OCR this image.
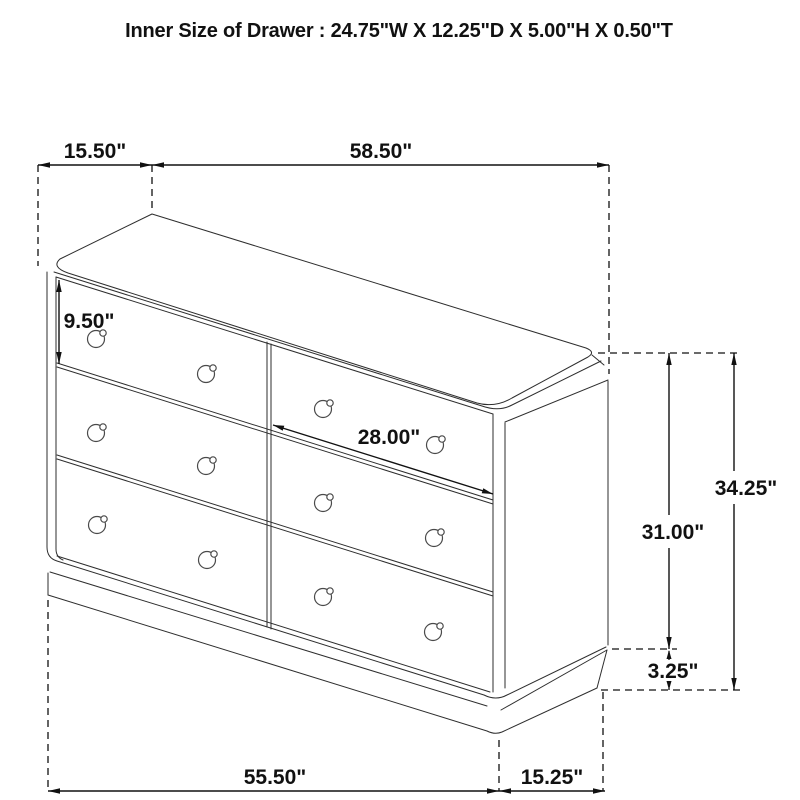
Inner Size of Drawer : 24.75"W X 12.25"D X 5.00"H X 0.50"T
15.50"	58.50"
9.50"
28.00"
31.00"
34.25"
3.25"
55.50"	15.25"
